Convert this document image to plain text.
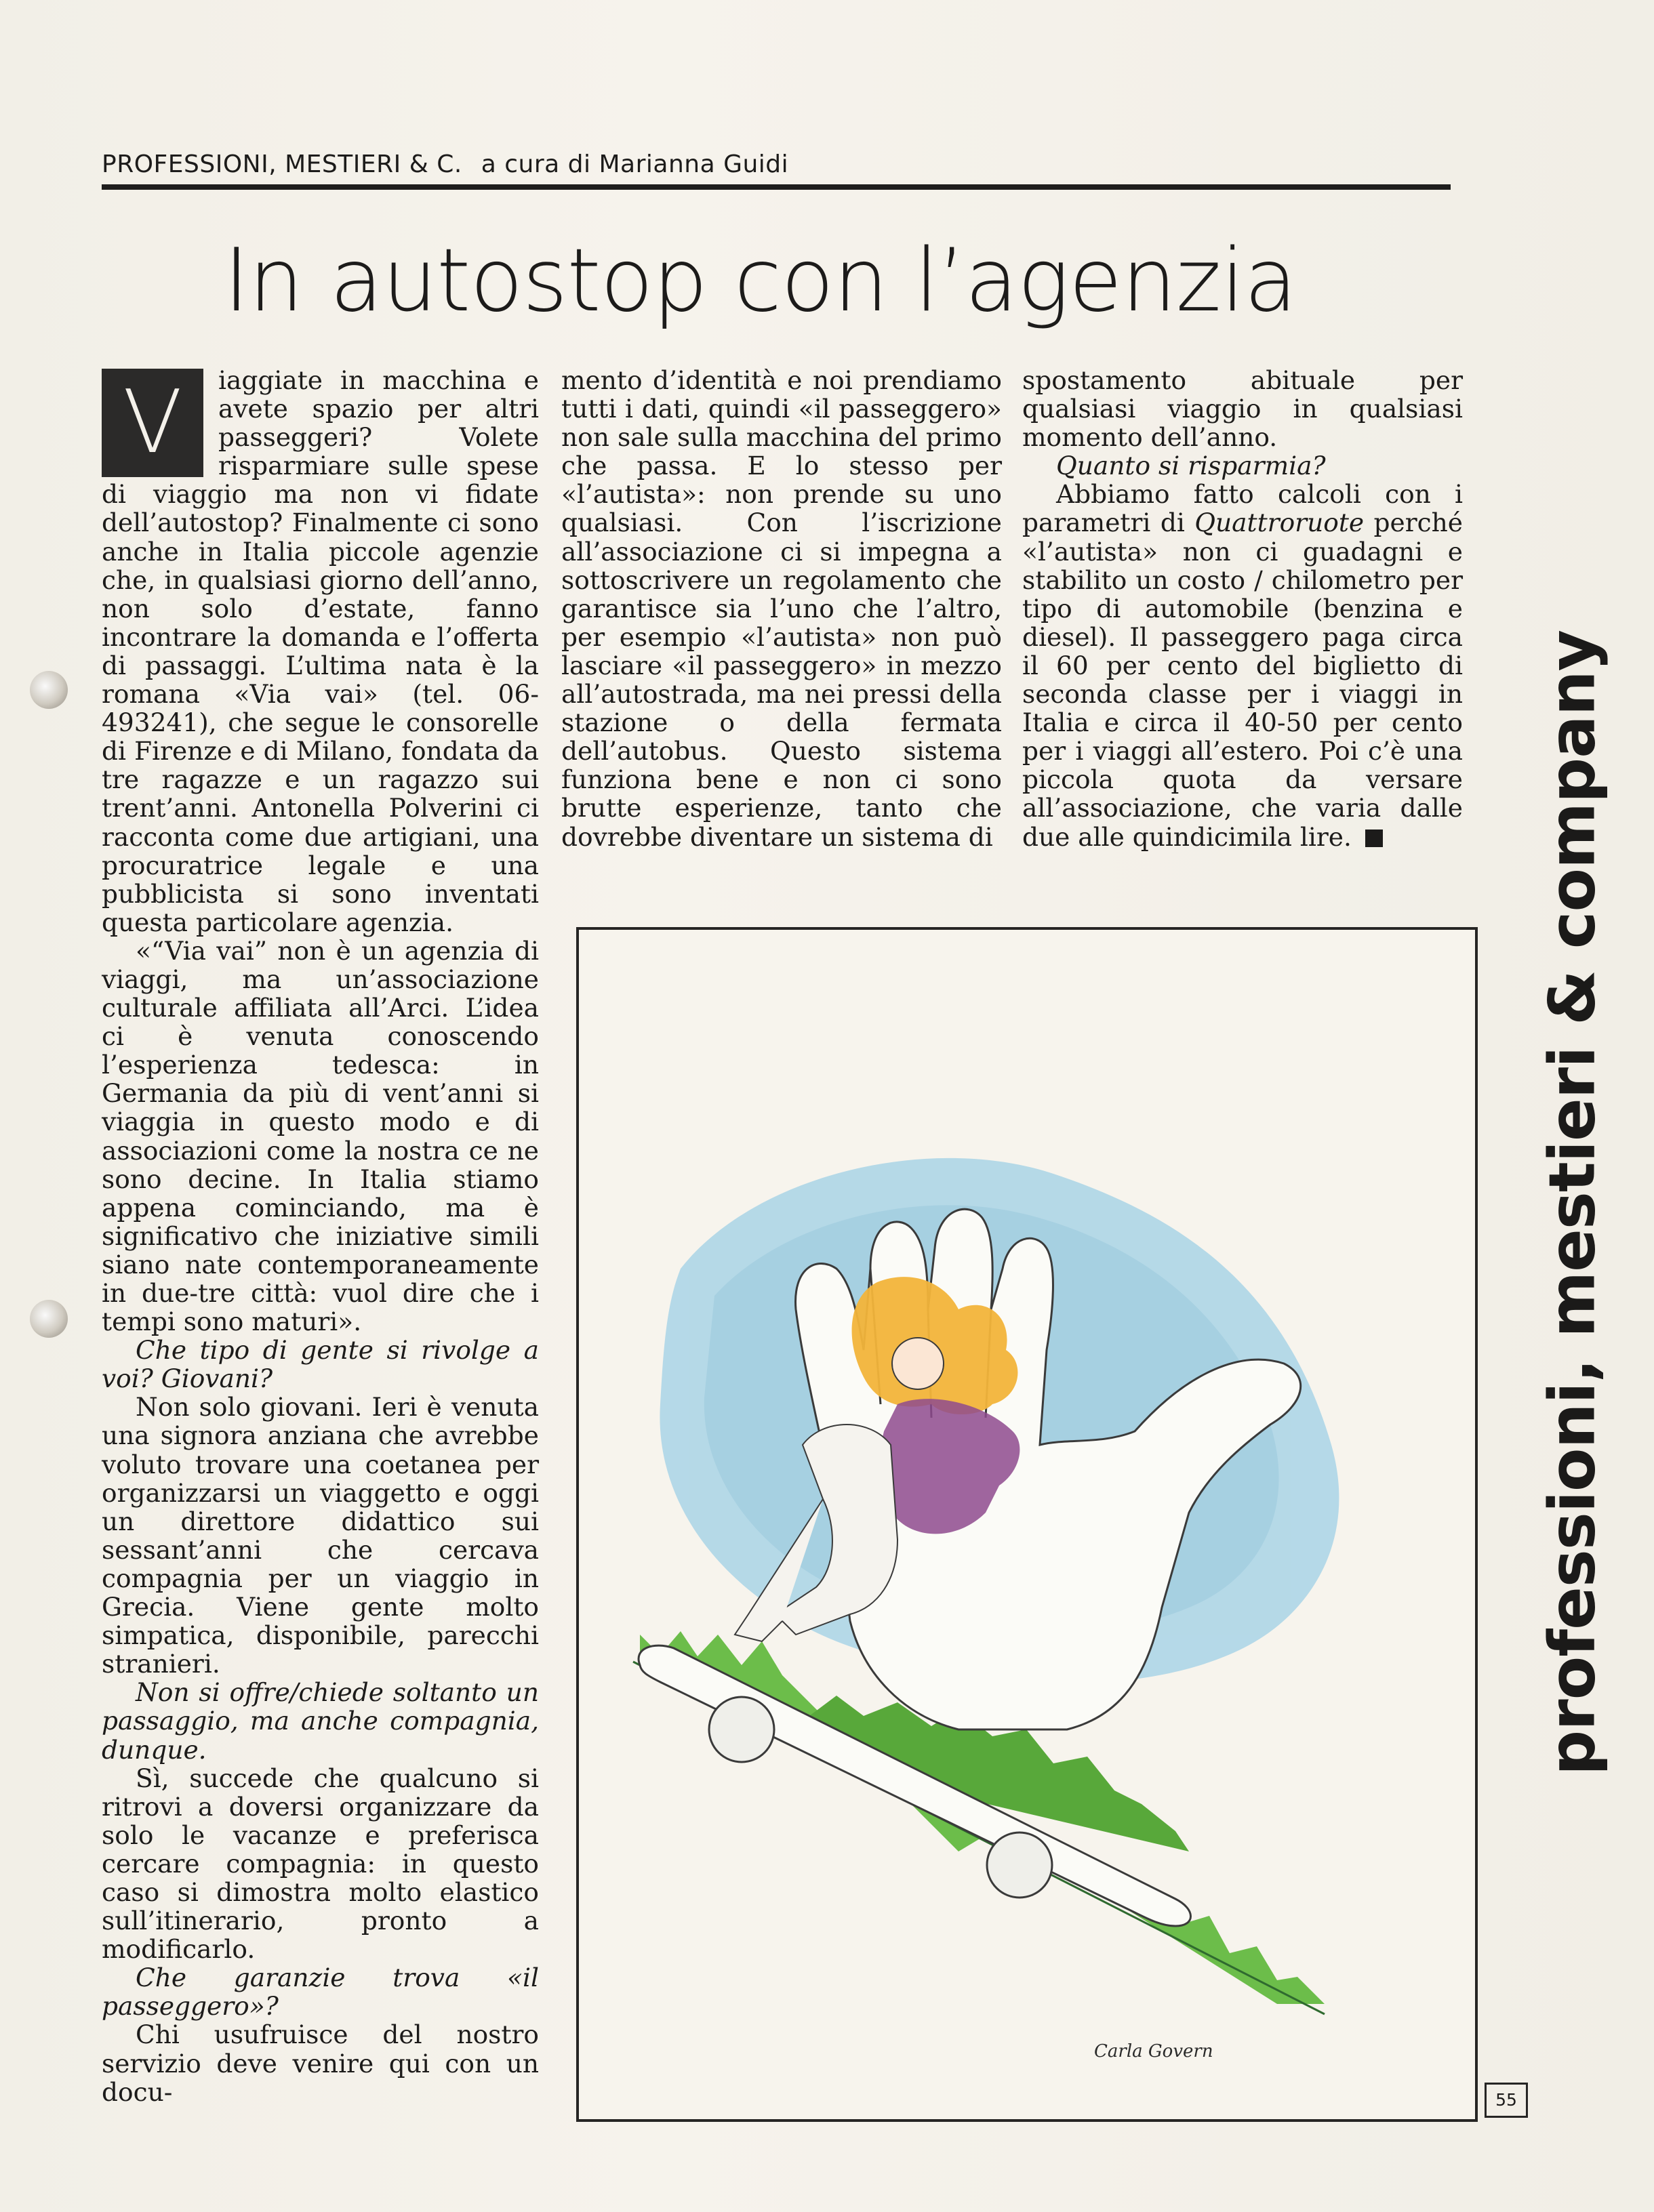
PROFESSIONI, MESTIERI & C. a cura di Marianna Guidi
In autostop con l’agenzia

V	iaggiate in macchina e avete spazio per altri passeggeri? Volete risparmiare sulle spese di viaggio ma non vi fidate dell’autostop? Finalmente ci sono anche in Italia piccole agenzie che, in qualsiasi giorno dell’anno, non solo d’estate, fanno incontrare la domanda e l’offerta di passaggi. L’ultima nata è la romana «Via vai» (tel. 06-493241), che segue le consorelle di Firenze e di Milano, fondata da tre ragazze e un ragazzo sui trent’anni. Antonella Polverini ci racconta come due artigiani, una procuratrice legale e una pubblicista si sono inventati questa particolare agenzia.

«“Via vai” non è un agenzia di viaggi, ma un’associazione culturale affiliata all’Arci. L’idea ci è venuta conoscendo l’esperienza tedesca: in Germania da più di vent’anni si viaggia in questo modo e di associazioni come la nostra ce ne sono decine. In Italia stiamo appena cominciando, ma è significativo che iniziative simili siano nate contemporaneamente in due-tre città: vuol dire che i tempi sono maturi».

Che tipo di gente si rivolge a voi? Giovani?

Non solo giovani. Ieri è venuta una signora anziana che avrebbe voluto trovare una coetanea per organizzarsi un viaggetto e oggi un direttore didattico sui sessant’anni che cercava compagnia per un viaggio in Grecia. Viene gente molto simpatica, disponibile, parecchi stranieri.

Non si offre/chiede soltanto un passaggio, ma anche compagnia, dunque.

Sì, succede che qualcuno si ritrovi a doversi organizzare da solo le vacanze e preferisca cercare compagnia: in questo caso si dimostra molto elastico sull’itinerario, pronto a modificarlo.

Che garanzie trova «il passeggero»?

Chi usufruisce del nostro servizio deve venire qui con un docu-

mento d’identità e noi prendiamo tutti i dati, quindi «il passeggero» non sale sulla macchina del primo che passa. E lo stesso per «l’autista»: non prende su uno qualsiasi. Con l’iscrizione all’associazione ci si impegna a sottoscrivere un regolamento che garantisce sia l’uno che l’altro, per esempio «l’autista» non può lasciare «il passeggero» in mezzo all’autostrada, ma nei pressi della stazione o della fermata dell’autobus. Questo sistema funziona bene e non ci sono brutte esperienze, tanto che dovrebbe diventare un sistema di

spostamento abituale per qualsiasi viaggio in qualsiasi momento dell’anno.

Quanto si risparmia?

Abbiamo fatto calcoli con i parametri di Quattroruote perché «l’autista» non ci guadagni e stabilito un costo / chilometro per tipo di automobile (benzina e diesel). Il passeggero paga circa il 60 per cento del biglietto di seconda classe per i viaggi in Italia e circa il 40-50 per cento per i viaggi all’estero. Poi c’è una piccola quota da versare all’associazione, che varia dalle due alle quindicimila lire.

Carla Govern
professioni, mestieri & company
55
